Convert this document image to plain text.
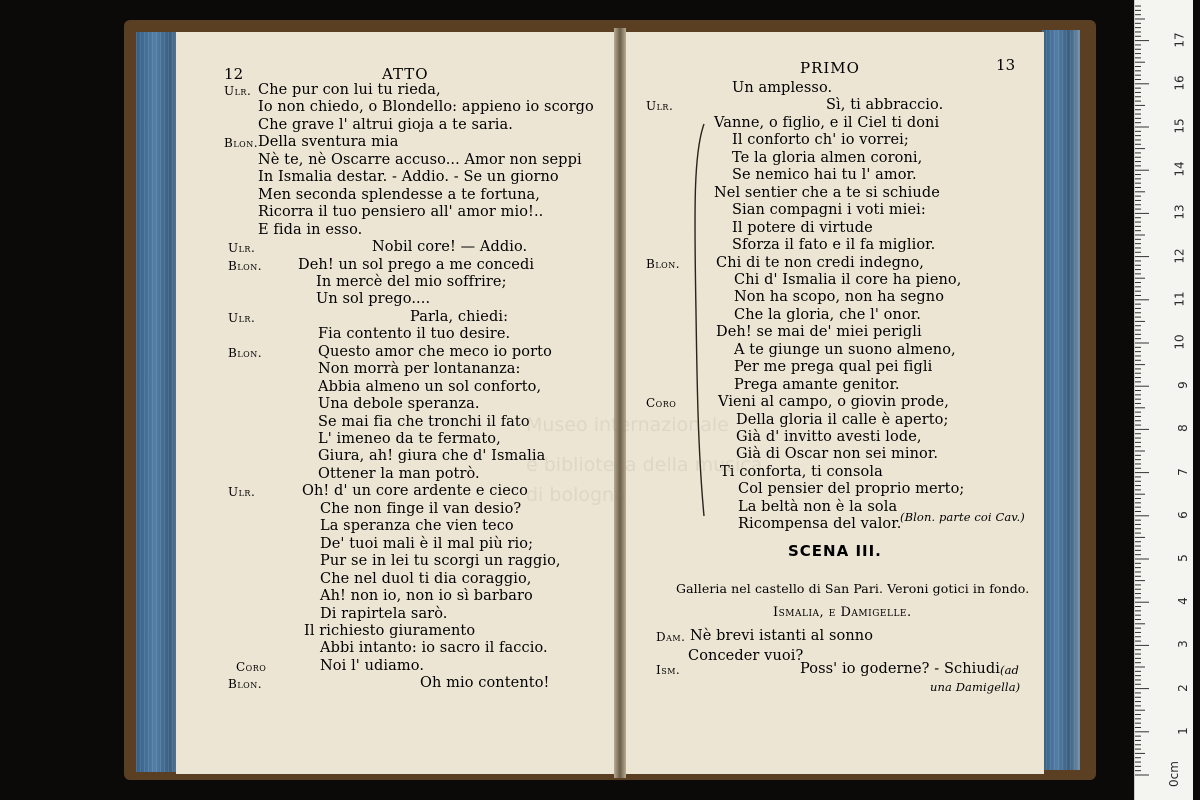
12	ATTO
Ulr. Che pur con lui tu rieda,
Io non chiedo, o Blondello: appieno io scorgo
Che grave l' altrui gioja a te saria.
Blon. Della sventura mia
Nè te, nè Oscarre accuso... Amor non seppi
In Ismalia destar. - Addio. - Se un giorno
Men seconda splendesse a te fortuna,
Ricorra il tuo pensiero all' amor mio!..
E fida in esso.
Ulr.	Nobil core! — Addio.
Blon. Deh! un sol prego a me concedi
In mercè del mio soffrire;
Un sol prego....
Ulr.	Parla, chiedi:
Fia contento il tuo desire.
Blon.	Questo amor che meco io porto
Non morrà per lontananza:
Abbia almeno un sol conforto,
Una debole speranza.
Se mai fia che tronchi il fato
L' imeneo da te fermato,
Giura, ah! giura che d' Ismalia
Ottener la man potrò.
Ulr.	Oh! d' un core ardente e cieco
Che non finge il van desio?
La speranza che vien teco
De' tuoi mali è il mal più rio;
Pur se in lei tu scorgi un raggio,
Che nel duol ti dia coraggio,
Ah! non io, non io sì barbaro
Di rapirtela sarò.
Il richiesto giuramento
Abbi intanto: io sacro il faccio.
Coro	Noi l' udiamo.
Blon.	Oh mio contento!
PRIMO	13
Un amplesso.
Ulr.	Sì, ti abbraccio.
Vanne, o figlio, e il Ciel ti doni
Il conforto ch' io vorrei;
Te la gloria almen coroni,
Se nemico hai tu l' amor.
Nel sentier che a te si schiude
Sian compagni i voti miei:
Il potere di virtude
Sforza il fato e il fa miglior.
Blon. Chi di te non credi indegno,
Chi d' Ismalia il core ha pieno,
Non ha scopo, non ha segno
Che la gloria, che l' onor.
Deh! se mai de' miei perigli
A te giunge un suono almeno,
Per me prega qual pei figli
Prega amante genitor.
Coro	Vieni al campo, o giovin prode,
Della gloria il calle è aperto;
Già d' invitto avesti lode,
Già di Oscar non sei minor.
Ti conforta, ti consola
Col pensier del proprio merto;
La beltà non è la sola
Ricompensa del valor.
(Blon. parte coi Cav.)
SCENA III.
Galleria nel castello di San Pari. Veroni gotici in fondo.
Ismalia, e Damigelle.
Dam. Nè brevi istanti al sonno
Conceder vuoi?
Ism.	Poss' io goderne? - Schiudi (ad
una Damigella)
Museo internazionale
e biblioteca della musica
di bologna
0cm
1
2
3
4
5
6
7
8
9
10
11
12
13
14
15
16
17
